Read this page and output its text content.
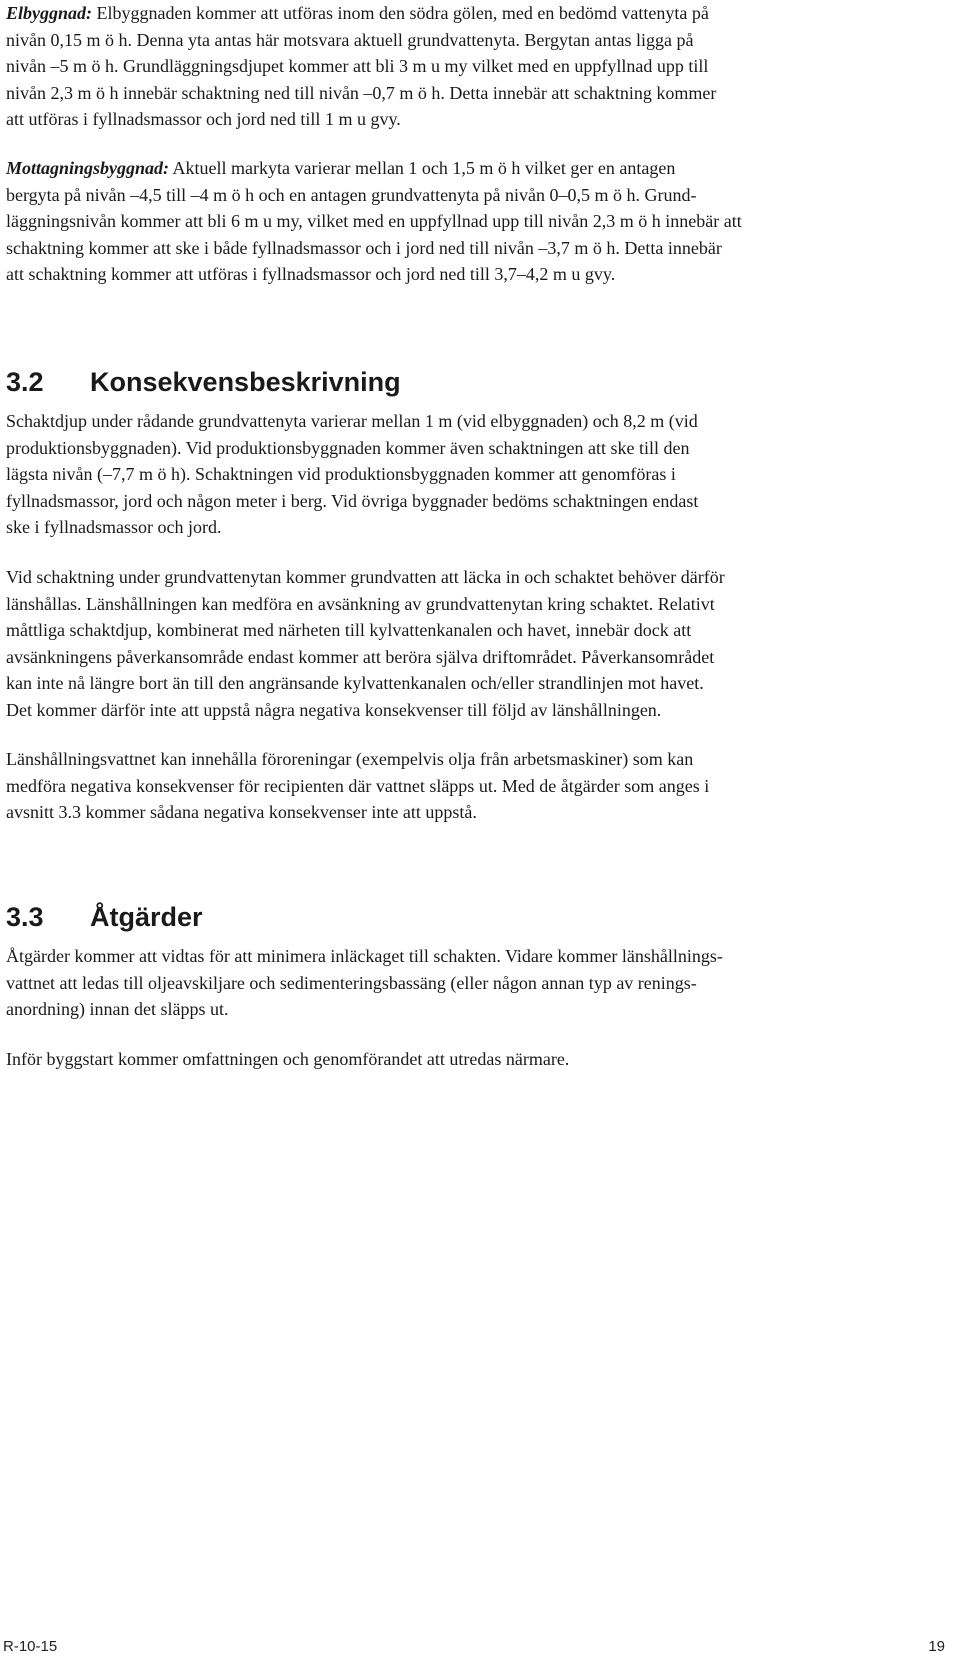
Elbyggnad: Elbyggnaden kommer att utföras inom den södra gölen, med en bedömd vattenyta på
nivån 0,15 m ö h. Denna yta antas här motsvara aktuell grundvattenyta. Bergytan antas ligga på
nivån –5 m ö h. Grundläggningsdjupet kommer att bli 3 m u my vilket med en uppfyllnad upp till
nivån 2,3 m ö h innebär schaktning ned till nivån –0,7 m ö h. Detta innebär att schaktning kommer
att utföras i fyllnadsmassor och jord ned till 1 m u gvy.

Mottagningsbyggnad: Aktuell markyta varierar mellan 1 och 1,5 m ö h vilket ger en antagen
bergyta på nivån –4,5 till –4 m ö h och en antagen grundvattenyta på nivån 0–0,5 m ö h. Grund-
läggningsnivån kommer att bli 6 m u my, vilket med en uppfyllnad upp till nivån 2,3 m ö h innebär att
schaktning kommer att ske i både fyllnadsmassor och i jord ned till nivån –3,7 m ö h. Detta innebär
att schaktning kommer att utföras i fyllnadsmassor och jord ned till 3,7–4,2 m u gvy.

3.2	Konsekvensbeskrivning

Schaktdjup under rådande grundvattenyta varierar mellan 1 m (vid elbyggnaden) och 8,2 m (vid
produktionsbyggnaden). Vid produktionsbyggnaden kommer även schaktningen att ske till den
lägsta nivån (–7,7 m ö h). Schaktningen vid produktionsbyggnaden kommer att genomföras i
fyllnadsmassor, jord och någon meter i berg. Vid övriga byggnader bedöms schaktningen endast
ske i fyllnadsmassor och jord.

Vid schaktning under grundvattenytan kommer grundvatten att läcka in och schaktet behöver därför
länshållas. Länshållningen kan medföra en avsänkning av grundvattenytan kring schaktet. Relativt
måttliga schaktdjup, kombinerat med närheten till kylvattenkanalen och havet, innebär dock att
avsänkningens påverkansområde endast kommer att beröra själva driftområdet. Påverkansområdet
kan inte nå längre bort än till den angränsande kylvattenkanalen och/eller strandlinjen mot havet.
Det kommer därför inte att uppstå några negativa konsekvenser till följd av länshållningen.

Länshållningsvattnet kan innehålla föroreningar (exempelvis olja från arbetsmaskiner) som kan
medföra negativa konsekvenser för recipienten där vattnet släpps ut. Med de åtgärder som anges i
avsnitt 3.3 kommer sådana negativa konsekvenser inte att uppstå.

3.3	Åtgärder

Åtgärder kommer att vidtas för att minimera inläckaget till schakten. Vidare kommer länshållnings-
vattnet att ledas till oljeavskiljare och sedimenteringsbassäng (eller någon annan typ av renings-
anordning) innan det släpps ut.

Inför byggstart kommer omfattningen och genomförandet att utredas närmare.

R-10-15	19
